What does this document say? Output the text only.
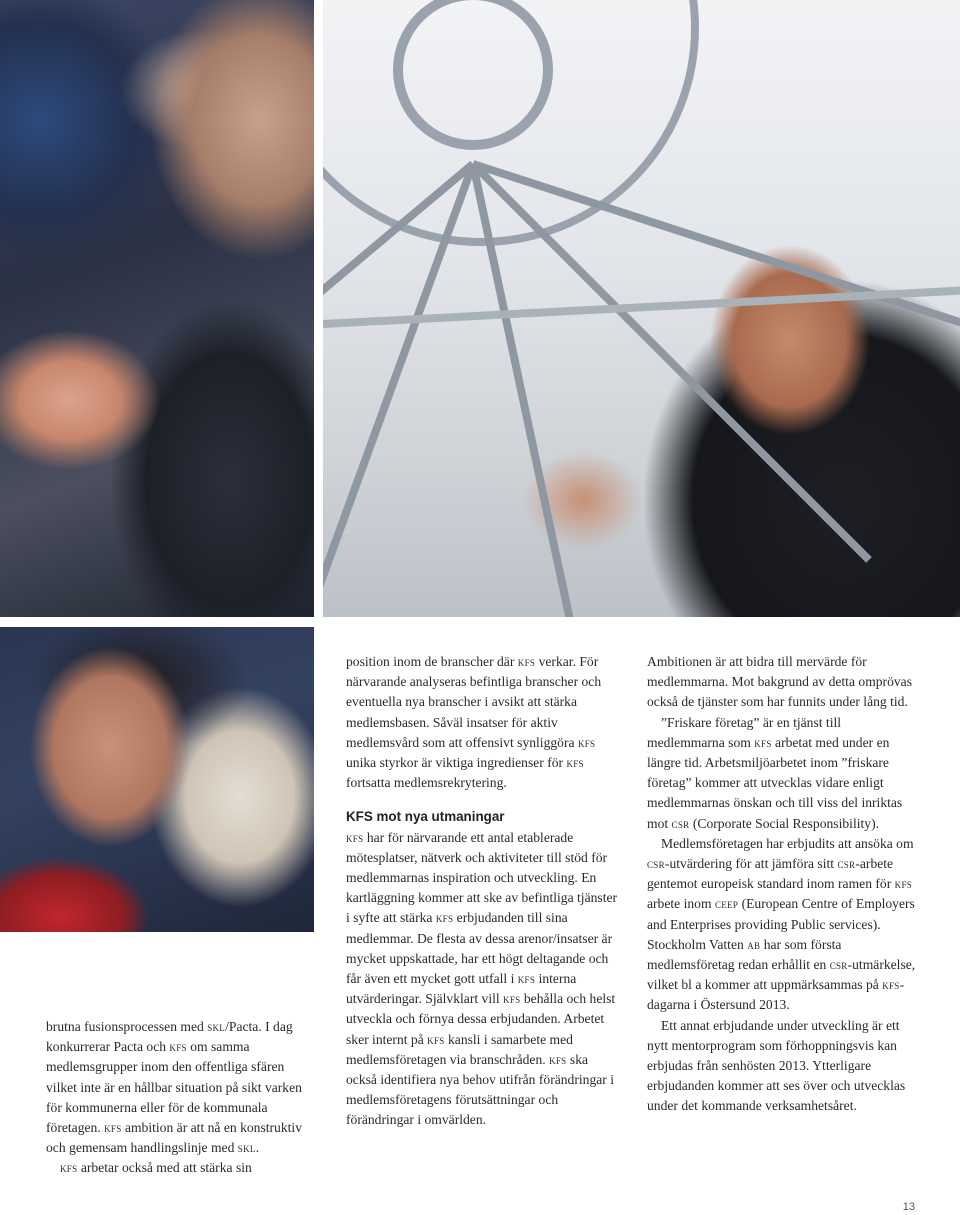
brutna fusionsprocessen med skl/Pacta. I dag konkurrerar Pacta och kfs om samma medlemsgrupper inom den offentliga sfären vilket inte är en hållbar situation på sikt varken för kommunerna eller för de kommunala företagen. kfs ambition är att nå en konstruktiv och gemensam handlingslinje med skl.

kfs arbetar också med att stärka sin

position inom de branscher där kfs verkar. För närvarande analyseras befintliga branscher och eventuella nya branscher i avsikt att stärka medlemsbasen. Såväl insatser för aktiv medlemsvård som att offensivt synliggöra kfs unika styrkor är viktiga ingredienser för kfs fortsatta medlemsrekrytering.

KFS mot nya utmaningar

kfs har för närvarande ett antal etablerade mötesplatser, nätverk och aktiviteter till stöd för medlemmarnas inspiration och utveckling. En kartläggning kommer att ske av befintliga tjänster i syfte att stärka kfs erbjudanden till sina medlemmar. De flesta av dessa arenor/insatser är mycket uppskattade, har ett högt deltagande och får även ett mycket gott utfall i kfs interna utvärderingar. Självklart vill kfs behålla och helst utveckla och förnya dessa erbjudanden. Arbetet sker internt på kfs kansli i samarbete med medlemsföretagen via branschråden. kfs ska också identifiera nya behov utifrån förändringar i medlemsföretagens förutsättningar och förändringar i omvärlden.

Ambitionen är att bidra till mervärde för medlemmarna. Mot bakgrund av detta omprövas också de tjänster som har funnits under lång tid.

”Friskare företag” är en tjänst till medlemmarna som kfs arbetat med under en längre tid. Arbetsmiljöarbetet inom ”friskare företag” kommer att utvecklas vidare enligt medlemmarnas önskan och till viss del inriktas mot csr (Corporate Social Responsibility).

Medlemsföretagen har erbjudits att ansöka om csr-utvärdering för att jämföra sitt csr-arbete gentemot europeisk standard inom ramen för kfs arbete inom ceep (European Centre of Employers and Enterprises providing Public services). Stockholm Vatten ab har som första medlemsföretag redan erhållit en csr-utmärkelse, vilket bl a kommer att uppmärksammas på kfs-dagarna i Östersund 2013.

Ett annat erbjudande under utveckling är ett nytt mentorprogram som förhoppningsvis kan erbjudas från senhösten 2013. Ytterligare erbjudanden kommer att ses över och utvecklas under det kommande verksamhetsåret.

13
